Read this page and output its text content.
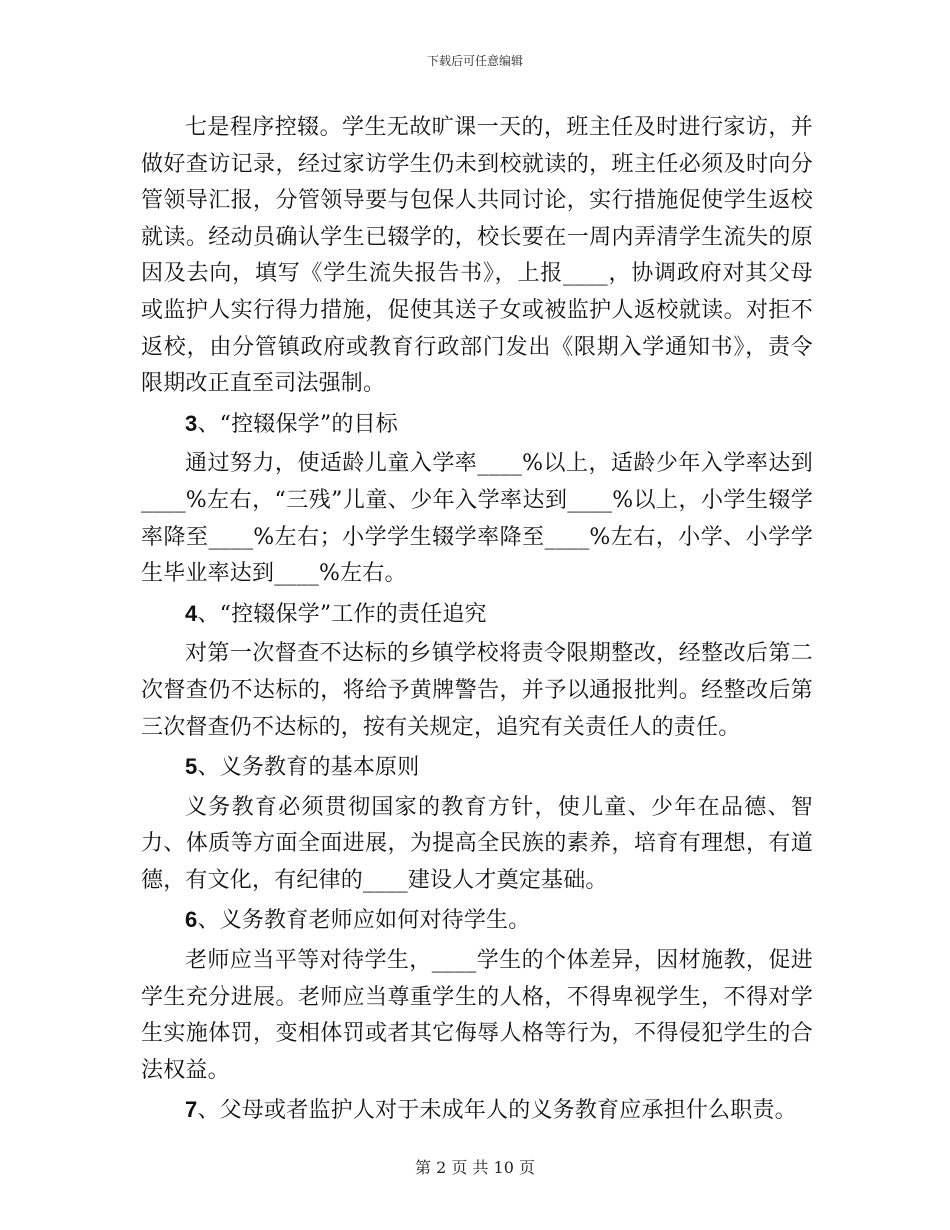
下载后可任意编辑

七是程序控辍。学生无故旷课一天的，班主任及时进行家访，并做好查访记录，经过家访学生仍未到校就读的，班主任必须及时向分管领导汇报，分管领导要与包保人共同讨论，实行措施促使学生返校就读。经动员确认学生已辍学的，校长要在一周内弄清学生流失的原因及去向，填写《学生流失报告书》，上报____，协调政府对其父母或监护人实行得力措施，促使其送子女或被监护人返校就读。对拒不返校，由分管镇政府或教育行政部门发出《限期入学通知书》，责令限期改正直至司法强制。

3、“控辍保学”的目标

通过努力，使适龄儿童入学率____%以上，适龄少年入学率达到____%左右，“三残”儿童、少年入学率达到____%以上，小学生辍学率降至____%左右；小学学生辍学率降至____%左右，小学、小学学生毕业率达到____%左右。

4、“控辍保学”工作的责任追究

对第一次督查不达标的乡镇学校将责令限期整改，经整改后第二次督查仍不达标的，将给予黄牌警告，并予以通报批判。经整改后第三次督查仍不达标的，按有关规定，追究有关责任人的责任。

5、义务教育的基本原则

义务教育必须贯彻国家的教育方针，使儿童、少年在品德、智力、体质等方面全面进展，为提高全民族的素养，培育有理想，有道德，有文化，有纪律的____建设人才奠定基础。

6、义务教育老师应如何对待学生。

老师应当平等对待学生，____学生的个体差异，因材施教，促进学生充分进展。老师应当尊重学生的人格，不得卑视学生，不得对学生实施体罚，变相体罚或者其它侮辱人格等行为，不得侵犯学生的合法权益。

7、父母或者监护人对于未成年人的义务教育应承担什么职责。

第 2 页 共 10 页
